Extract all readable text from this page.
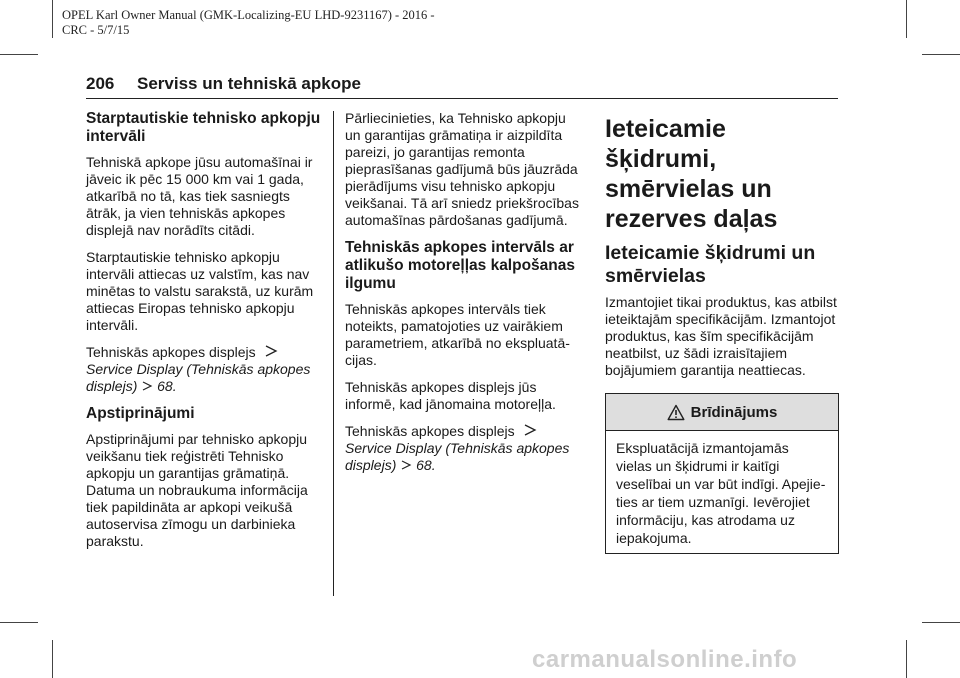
OPEL Karl Owner Manual (GMK-Localizing-EU LHD-9231167) - 2016 -
CRC - 5/7/15
206 Serviss un tehniskā apkope
Starptautiskie tehnisko apkopju intervāli

Tehniskā apkope jūsu automašīnai ir jāveic ik pēc 15 000 km vai 1 gada, atkarībā no tā, kas tiek sasniegts ātrāk, ja vien tehniskās apkopes displejā nav norādīts citādi.

Starptautiskie tehnisko apkopju intervāli attiecas uz valstīm, kas nav minētas to valstu sarakstā, uz kurām attiecas Eiropas tehnisko apkopju intervāli.

Tehniskās apkopes displejs
Service Display (Tehniskās apkopes displejs) 68.

Apstiprinājumi

Apstiprinājumi par tehnisko apkopju veikšanu tiek reģistrēti Tehnisko apkopju un garantijas grāmatiņā. Datuma un nobraukuma informācija tiek papildināta ar apkopi veikušā autoservisa zīmogu un darbinieka parakstu.

Pārliecinieties, ka Tehnisko apkopju un garantijas grāmatiņa ir aizpildīta pareizi, jo garantijas remonta pieprasīšanas gadījumā būs jāuzrāda pierādījums visu tehnisko apkopju veikšanai. Tā arī sniedz priekšrocības automašīnas pārdošanas gadījumā.

Tehniskās apkopes intervāls ar atlikušo motoreļļas kalpošanas ilgumu

Tehniskās apkopes intervāls tiek noteikts, pamatojoties uz vairākiem parametriem, atkarībā no ekspluatācijas.

Tehniskās apkopes displejs jūs informē, kad jānomaina motoreļļa.

Tehniskās apkopes displejs
Service Display (Tehniskās apkopes displejs) 68.

Ieteicamie šķidrumi, smērvielas un rezerves daļas
Ieteicamie šķidrumi un smērvielas

Izmantojiet tikai produktus, kas atbilst ieteiktajām specifikācijām. Izmantojot produktus, kas šīm specifikācijām neatbilst, uz šādi izraisītajiem bojājumiem garantija neattiecas.

Brīdinājums

Ekspluatācijā izmantojamās vielas un šķidrumi ir kaitīgi veselībai un var būt indīgi. Apejieties ar tiem uzmanīgi. Ievērojiet informāciju, kas atrodama uz iepakojuma.

carmanualsonline.info
